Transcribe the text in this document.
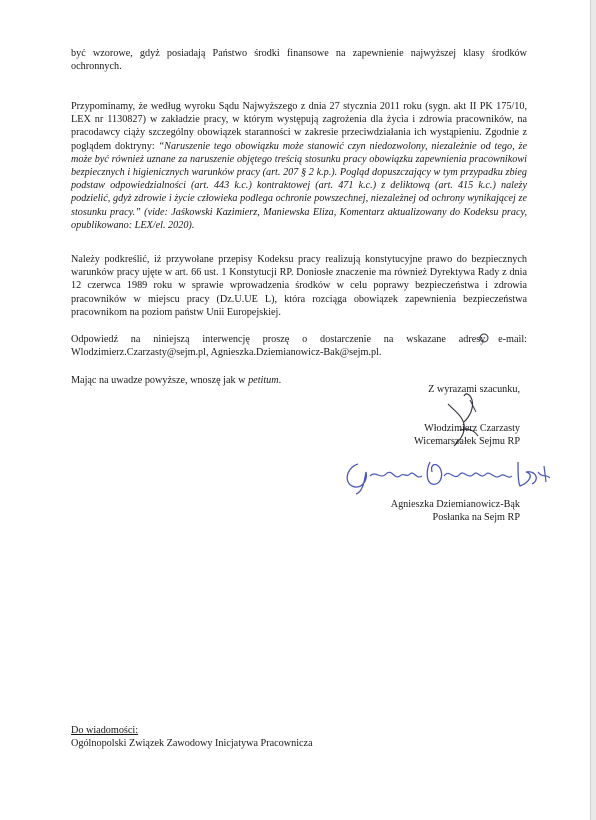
być wzorowe, gdyż posiadają Państwo środki finansowe na zapewnienie najwyższej klasy środków ochronnych.

Przypominamy, że według wyroku Sądu Najwyższego z dnia 27 stycznia 2011 roku (sygn. akt II PK 175/10, LEX nr 1130827) w zakładzie pracy, w którym występują zagrożenia dla życia i zdrowia pracowników, na pracodawcy ciąży szczególny obowiązek staranności w zakresie przeciwdziałania ich wystąpieniu. Zgodnie z poglądem doktryny: “Naruszenie tego obowiązku może stanowić czyn niedozwolony, niezależnie od tego, że może być również uznane za naruszenie objętego treścią stosunku pracy obowiązku zapewnienia pracownikowi bezpiecznych i higienicznych warunków pracy (art. 207 § 2 k.p.). Pogląd dopuszczający w tym przypadku zbieg podstaw odpowiedzialności (art. 443 k.c.) kontraktowej (art. 471 k.c.) z deliktową (art. 415 k.c.) należy podzielić, gdyż zdrowie i życie człowieka podlega ochronie powszechnej, niezależnej od ochrony wynikającej ze stosunku pracy.” (vide: Jaśkowski Kazimierz, Maniewska Eliza, Komentarz aktualizowany do Kodeksu pracy, opublikowano: LEX/el. 2020).

Należy podkreślić, iż przywołane przepisy Kodeksu pracy realizują konstytucyjne prawo do bezpiecznych warunków pracy ujęte w art. 66 ust. 1 Konstytucji RP. Doniosłe znaczenie ma również Dyrektywa Rady z dnia 12 czerwca 1989 roku w sprawie wprowadzenia środków w celu poprawy bezpieczeństwa i zdrowia pracowników w miejscu pracy (Dz.U.UE L), która rozciąga obowiązek zapewnienia bezpieczeństwa pracownikom na poziom państw Unii Europejskiej.

Odpowiedź na niniejszą interwencję proszę o dostarczenie na wskazane adresy e-mail: Wlodzimierz.Czarzasty@sejm.pl, Agnieszka.Dziemianowicz-Bak@sejm.pl.

Mając na uwadze powyższe, wnoszę jak w petitum.

Z wyrazami szacunku,
Włodzimierz Czarzasty
Wicemarszałek Sejmu RP
Agnieszka Dziemianowicz-Bąk
Posłanka na Sejm RP
Do wiadomości:
Ogólnopolski Związek Zawodowy Inicjatywa Pracownicza
